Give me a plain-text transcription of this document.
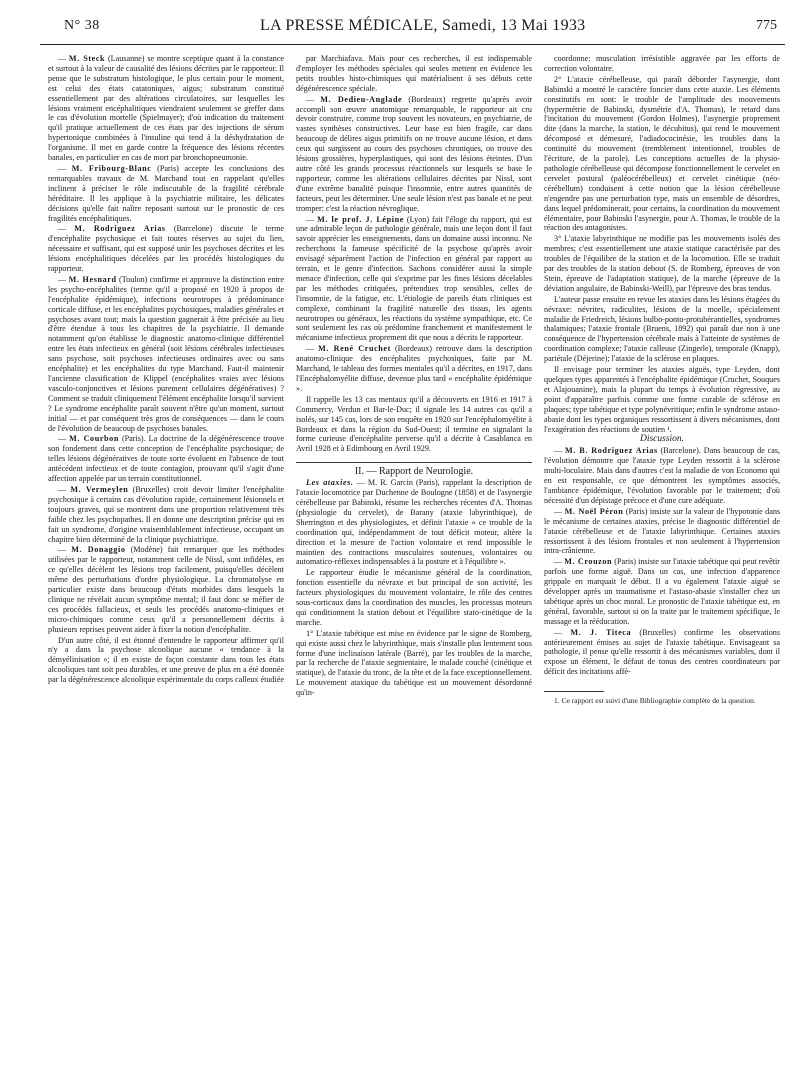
N° 38	LA PRESSE MÉDICALE, Samedi, 13 Mai 1933	775

— M. Steck (Lausanne) se montre sceptique quant à la constance et surtout à la valeur de causalité des lésions décrites par le rapporteur. Il pense que le substratum histologique, le plus certain pour le moment, est celui des états catatoniques, aigus; substratum constitué essentiellement par des altérations circulatoires, sur lesquelles les lésions vraiment encéphalitiques viendraient seulement se greffer dans le cas d'évolution mortelle (Spielmayer); d'où indication du traitement qu'il pratique actuellement de ces états par des injections de sérum hypertonique combinées à l'insuline qui tend à la déshydratation de l'organisme. Il met en garde contre la fréquence des lésions récentes banales, en particulier en cas de mort par bronchopneumonie.

— M. Fribourg-Blanc (Paris) accepte les conclusions des remarquables travaux de M. Marchand tout en rappelant qu'elles inclinent à préciser le rôle indiscutable de la fragilité cérébrale héréditaire. Il les applique à la psychiatrie militaire, les délicates décisions qu'elle fait naître reposant surtout sur le pronostic de ces fragilités encéphalitiques.

— M. Rodriguez Arias (Barcelone) discute le terme d'encéphalite psychosique et fait toutes réserves au sujet du lien, nécessaire et suffisant, qui est supposé unir les psychoses décrites et les lésions encéphalitiques décelées par les procédés histologiques du rapporteur.

— M. Hesnard (Toulon) confirme et approuve la distinction entre les psycho-encéphalites (terme qu'il a proposé en 1920 à propos de l'encéphalite épidémique), infections neurotropes à prédominance corticale diffuse, et les encéphalites psychosiques, maladies générales et psychoses avant tout; mais la question gagnerait à être précisée au lieu d'être étendue à tous les chapitres de la psychiatrie. Il demande notamment qu'on établisse le diagnostic anatomo-clinique différentiel entre les états infectieux en général (soit lésions cérébrales infectieuses sans psychose, soit psychoses infectieuses ordinaires avec ou sans encéphalite) et les encéphalites du type Marchand. Faut-il maintenir l'ancienne classification de Klippel (encéphalites vraies avec lésions vasculo-conjonctives et lésions purement cellulaires dégénératives) ? Comment se traduit cliniquement l'élément encéphalite lorsqu'il survient ? Le syndrome encéphalite paraît souvent n'être qu'un moment, surtout initial — et par conséquent très gros de conséquences — dans le cours de l'évolution de beaucoup de psychoses banales.

— M. Courbon (Paris). La doctrine de la dégénérescence trouve son fondement dans cette conception de l'encéphalite psychosique; de telles lésions dégénératives de toute sorte évoluent en l'absence de tout antécédent infectieux et de toute contagion, prouvant qu'il s'agit d'une affection appelée par un terrain constitutionnel.

— M. Vermeylen (Bruxelles) croit devoir limiter l'encéphalite psychosique à certains cas d'évolution rapide, certainement lésionnels et toujours graves, qui se montrent dans une proportion relativement très faible chez les psychopathes. Il en donne une description précise qui en fait un syndrome, d'origine vraisemblablement infectieuse, occupant un chapitre bien déterminé de la clinique psychiatrique.

— M. Donaggio (Modène) fait remarquer que les méthodes utilisées par le rapporteur, notamment celle de Nissl, sont infidèles, en ce qu'elles décèlent les lésions trop facilement, puisqu'elles décèlent même des perturbations d'ordre physiologique. La chromatolyse en particulier existe dans beaucoup d'états morbides dans lesquels la clinique ne révèlait aucun symptôme mental; il faut donc se méfier de ces procédés fallacieux, et seuls les procédés anatomo-cliniques et micro-chimiques comme ceux qu'il a personnellement décrits à plusieurs reprises peuvent aider à fixer la notion d'encéphalite.

D'un autre côté, il est étonné d'entendre le rapporteur affirmer qu'il n'y a dans la psychose alcoolique aucune « tendance à la démyélinisation »; il en existe de façon constante dans tous les états alcooliques tant soit peu durables, et une preuve de plus en a été donnée par la dégénérescence alcoolique expérimentale du corps calleux étudiée

par Marchiafava. Mais pour ces recherches, il est indispensable d'employer les méthodes spéciales qui seules mettent en évidence les petits troubles histo-chimiques qui matérialisent à ses débuts cette dégénérescence spéciale.

— M. Dedieu-Anglade (Bordeaux) regrette qu'après avoir accompli son œuvre anatomique remarquable, le rapporteur ait cru devoir construire, comme trop souvent les novateurs, en psychiatrie, de vastes synthèses constructives. Leur base est bien fragile, car dans beaucoup de délires aigus primitifs on ne trouve aucune lésion, et dans ceux qui surgissent au cours des psychoses chroniques, on trouve des lésions grossières, hyperplastiques, qui sont des lésions éteintes. D'un autre côté les grands processus réactionnels sur lesquels se base le rapporteur, comme les altérations cellulaires décrites par Nissl, sont d'une extrême banalité puisque l'insomnie, entre autres quantités de facteurs, peut les déterminer. Une seule lésion n'est pas banale et ne peut tromper: c'est la réaction névroglique.

— M. le prof. J. Lépine (Lyon) fait l'éloge du rapport, qui est une admirable leçon de pathologie générale, mais une leçon dont il faut savoir apprécier les enseignements, dans un domaine aussi inconnu. Ne recherchons la fameuse spécificité de la psychose qu'après avoir envisagé séparément l'action de l'infection en général par rapport au terrain, et le genre d'infection. Sachons considérer aussi la simple menace d'infection, celle qui s'exprime par les fines lésions décelables par les méthodes critiquées, prétendues trop sensibles, celles de l'insomnie, de la fatigue, etc. L'étiologie de pareils états cliniques est complexe, combinant la fragilité naturelle des tissus, les agents neurotropes ou généraux, les réactions du système sympathique, etc. Ce sont seulement les cas où prédomine franchement et manifestement le mécanisme infectieux proprement dit que nous a décrits le rapporteur.

— M. René Cruchet (Bordeaux) retrouve dans la description anatomo-clinique des encéphalites psychosiques, faite par M. Marchand, le tableau des formes mentales qu'il a décrites, en 1917, dans l'Encéphalomyélite diffuse, devenue plus tard « encéphalite épidémique ».

Il rappelle les 13 cas mentaux qu'il a découverts en 1916 et 1917 à Commercy, Verdun et Bar-le-Duc; il signale les 14 autres cas qu'il a isolés, sur 145 cas, lors de son enquête en 1920 sur l'encéphalomyélite à Bordeaux et dans la région du Sud-Ouest; il termine en signalant la forme curieuse d'encéphalite perverse qu'il a décrite à Casablanca en Avril 1928 et à Edimbourg en Avril 1929.

II. — Rapport de Neurologie.

Les ataxies. — M. R. Garcin (Paris), rappelant la description de l'ataxie locomotrice par Duchenne de Boulogne (1858) et de l'asynergie cérébelleuse par Babinski, résume les recherches récentes d'A. Thomas (physiologie du cervelet), de Barany (ataxie labyrinthique), de Sherrington et des physiologistes, et définit l'ataxie « ce trouble de la coordination qui, indépendamment de tout déficit moteur, altère la direction et la mesure de l'action volontaire et rend impossible le maintien des contractions musculaires soutenues, volontaires ou automatico-réflexes indispensables à la posture et à l'équilibre ».

Le rapporteur étudie le mécanisme général de la coordination, fonction essentielle du névraxe et but principal de son activité, les facteurs physiologiques du mouvement volontaire, le rôle des centres sous-corticaux dans la coordination des muscles, les processus moteurs qui conditionnent la station debout et l'équilibre stato-cinétique de la marche.

1° L'ataxie tabétique est mise en évidence par le signe de Romberg, qui existe aussi chez le labyrinthique, mais s'installe plus lentement sous forme d'une inclinaison latérale (Barré), par les troubles de la marche, par la recherche de l'ataxie segmentaire, le malade couché (cinétique et statique), de l'ataxie du tronc, de la tête et de la face exceptionnellement. Le mouvement ataxique du tabétique est un mouvement désordonné qu'in-

coordonne: musculation irrésistible aggravée par les efforts de correction volontaire.

2° L'ataxie cérébelleuse, qui paraît déborder l'asynergie, dont Babinski a montré le caractère foncier dans cette ataxie. Les éléments constitutifs en sont: le trouble de l'amplitude des mouvements (hypermétrie de Babinski, dysmétrie d'A. Thomas), le retard dans l'incitation du mouvement (Gordon Holmes), l'asynergie proprement dite (dans la marche, la station, le décubitus), qui rend le mouvement décomposé et démesuré, l'adiadococinésie, les troubles dans la continuité du mouvement (tremblement intentionnel, troubles de l'écriture, de la parole). Les conceptions actuelles de la physio-pathologie cérébelleuse qui décompose fonctionnellement le cervelet en cervelet postural (paléocérébelleux) et cervelet cinétique (néo-cérébellum) conduisent à cette notion que la lésion cérébelleuse n'engendre pas une perturbation type, mais un ensemble de désordres, dans lequel prédominerait, pour certains, la coordination du mouvement élémentaire, pour Babinski l'asynergie, pour A. Thomas, le trouble de la réaction des antagonistes.

3° L'ataxie labyrinthique ne modifie pas les mouvements isolés des membres; c'est essentiellement une ataxie statique caractérisée par des troubles de l'équilibre de la station et de la locomotion. Elle se traduit par des troubles de la station debout (S. de Romberg, épreuves de von Stein, épreuve de l'adaptation statique), de la marche (épreuve de la déviation angulaire, de Babinski-Weill), par l'épreuve des bras tendus.

L'auteur passe ensuite en revue les ataxies dans les lésions étagées du névraxe: névrites, radiculites, lésions de la moelle, spécialement maladie de Friedreich, lésions bulbo-ponto-protubérantielles, syndromes thalamiques; l'ataxie frontale (Bruens, 1892) qui paraît due non à une conséquence de l'hypertension cérébrale mais à l'atteinte de systèmes de coordination complexe; l'ataxie calleuse (Zingerle), temporale (Knapp), pariétale (Déjerine); l'ataxie de la sclérose en plaques.

Il envisage pour terminer les ataxies aiguës, type Leyden, dont quelques types apparentés à l'encéphalite épidémique (Cruchet, Souques et Alajouanine), mais la plupart du temps à évolution régressive, au point d'apparaître parfois comme une forme curable de sclérose en plaques; type tabétique et type polynévritique; enfin le syndrome astaso-abasie dont les types organiques ressortissent à divers mécanismes, dont l'exagération des réactions de soutien ¹.

Discussion.

— M. B. Rodriguez Arias (Barcelone). Dans beaucoup de cas, l'évolution démontre que l'ataxie type Leyden ressortit à la sclérose multi-loculaire. Mais dans d'autres c'est la maladie de von Economo qui en est responsable, ce que démontrent les symptômes associés, l'ambiance épidémique, l'évolution favorable par le traitement; d'où nécessité d'un dépistage précoce et d'une cure adéquate.

— M. Noël Péron (Paris) insiste sur la valeur de l'hypotonie dans le mécanisme de certaines ataxies, précise le diagnostic différentiel de l'ataxie cérébelleuse et de l'ataxie labyrinthique. Certaines ataxies ressortissent à des lésions frontales et non seulement à l'hypertension intra-crânienne.

— M. Crouzon (Paris) insiste sur l'ataxie tabétique qui peut revêtir parfois une forme aiguë. Dans un cas, une infection d'apparence grippale en marquait le début. Il a vu également l'ataxie aiguë se développer après un traumatisme et l'astaso-abasie s'installer chez un tabétique après un choc moral. Le pronostic de l'ataxie tabétique est, en général, favorable, surtout si on la traite par le traitement spécifique, le massage et la rééducation.

— M. J. Titeca (Bruxelles) confirme les observations antérieurement émises au sujet de l'ataxie tabétique. Envisageant sa pathologie, il pense qu'elle ressortit à des mécanismes variables, dont il expose un élément, le défaut de tonus des centres coordinateurs par déficit des incitations affé-

1. Ce rapport est suivi d'une Bibliographie complète de la question.
